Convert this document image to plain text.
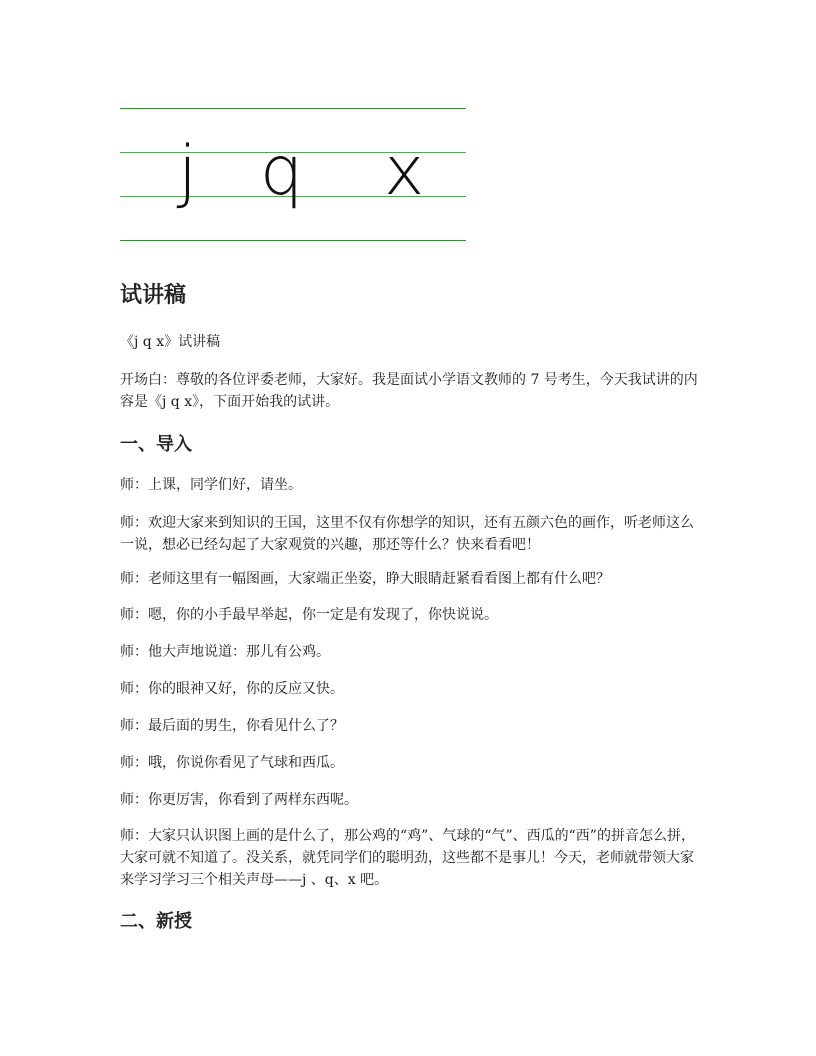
j q x
试讲稿
《j q x》试讲稿
开场白：尊敬的各位评委老师，大家好。我是面试小学语文教师的 7 号考生，今天我试讲的内容是《j q x》，下面开始我的试讲。
一、导入
师：上课，同学们好，请坐。
师：欢迎大家来到知识的王国，这里不仅有你想学的知识，还有五颜六色的画作，听老师这么一说，想必已经勾起了大家观赏的兴趣，那还等什么？快来看看吧！
师：老师这里有一幅图画，大家端正坐姿，睁大眼睛赶紧看看图上都有什么吧？
师：嗯，你的小手最早举起，你一定是有发现了，你快说说。
师：他大声地说道：那儿有公鸡。
师：你的眼神又好，你的反应又快。
师：最后面的男生，你看见什么了？
师：哦，你说你看见了气球和西瓜。
师：你更厉害，你看到了两样东西呢。
师：大家只认识图上画的是什么了，那公鸡的“鸡”、气球的“气”、西瓜的“西”的拼音怎么拼，大家可就不知道了。没关系，就凭同学们的聪明劲，这些都不是事儿！今天，老师就带领大家来学习学习三个相关声母——j 、q、x 吧。
二、新授
